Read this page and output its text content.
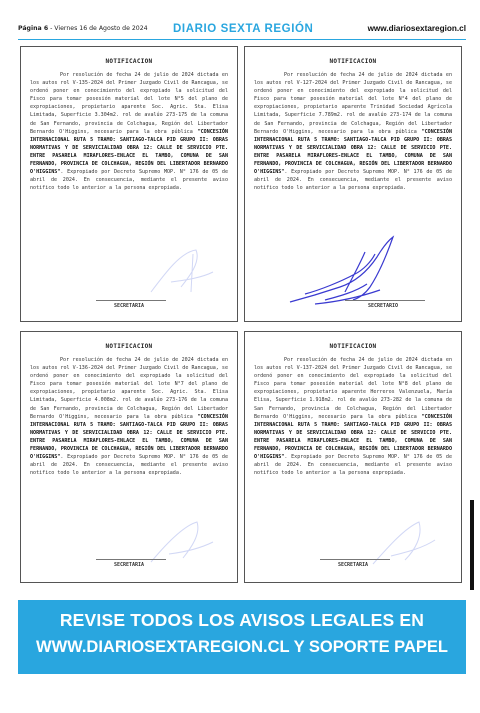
Página 6 - Viernes 16 de Agosto de 2024 DIARIO SEXTA REGIÓN	www.diariosextaregion.cl
NOTIFICACION
Por resolución de fecha 24 de julio de 2024 dictada en los autos rol V-135-2024 del Primer Juzgado Civil de Rancagua, se ordenó poner en conocimiento del expropiado la solicitud del Fisco para tomar posesión material del lote N°5 del plano de expropiaciones, propietario aparente Soc. Agric. Sta. Elisa Limitada, Superficie 3.304m2. rol de avalúo 273-175 de la comuna de San Fernando, provincia de Colchagua, Región del Libertador Bernardo O'Higgins, necesario para la obra pública "CONCESIÓN INTERNACIONAL RUTA 5 TRAMO: SANTIAGO-TALCA PID GRUPO II: OBRAS NORMATIVAS Y DE SERVICIALIDAD OBRA 12: CALLE DE SERVICIO PTE. ENTRE PASARELA MIRAFLORES-ENLACE EL TAMBO, COMUNA DE SAN FERNANDO, PROVINCIA DE COLCHAGUA, REGIÓN DEL LIBERTADOR BERNARDO O'HIGGINS". Expropiado por Decreto Supremo MOP. N° 176 de 05 de abril de 2024. En consecuencia, mediante el presente aviso notifico todo lo anterior a la persona expropiada.
SECRETARIA
NOTIFICACION
Por resolución de fecha 24 de julio de 2024 dictada en los autos rol V-127-2024 del Primer Juzgado Civil de Rancagua, se ordenó poner en conocimiento del expropiado la solicitud del Fisco para tomar posesión material del lote N°4 del plano de expropiaciones, propietario aparente Trinidad Sociedad Agrícola Limitada, Superficie 7.789m2. rol de avalúo 273-174 de la comuna de San Fernando, provincia de Colchagua, Región del Libertador Bernardo O'Higgins, necesario para la obra pública "CONCESIÓN INTERNACIONAL RUTA 5 TRAMO: SANTIAGO-TALCA PID GRUPO II: OBRAS NORMATIVAS Y DE SERVICIALIDAD OBRA 12: CALLE DE SERVICIO PTE. ENTRE PASARELA MIRAFLORES-ENLACE EL TAMBO, COMUNA DE SAN FERNANDO, PROVINCIA DE COLCHAGUA, REGIÓN DEL LIBERTADOR BERNARDO O'HIGGINS". Expropiado por Decreto Supremo MOP. N° 176 de 05 de abril de 2024. En consecuencia, mediante el presente aviso notifico todo lo anterior a la persona expropiada.
SECRETARIO
NOTIFICACION
Por resolución de fecha 24 de julio de 2024 dictada en los autos rol V-136-2024 del Primer Juzgado Civil de Rancagua, se ordenó poner en conocimiento del expropiado la solicitud del Fisco para tomar posesión material del lote N°7 del plano de expropiaciones, propietario aparente Soc. Agric. Sta. Elisa Limitada, Superficie 4.008m2. rol de avalúo 273-176 de la comuna de San Fernando, provincia de Colchagua, Región del Libertador Bernardo O'Higgins, necesario para la obra pública "CONCESIÓN INTERNACIONAL RUTA 5 TRAMO: SANTIAGO-TALCA PID GRUPO II: OBRAS NORMATIVAS Y DE SERVICIALIDAD OBRA 12: CALLE DE SERVICIO PTE. ENTRE PASARELA MIRAFLORES-ENLACE EL TAMBO, COMUNA DE SAN FERNANDO, PROVINCIA DE COLCHAGUA, REGIÓN DEL LIBERTADOR BERNARDO O'HIGGINS". Expropiado por Decreto Supremo MOP. N° 176 de 05 de abril de 2024. En consecuencia, mediante el presente aviso notifico todo lo anterior a la persona expropiada.
SECRETARIA
NOTIFICACION
Por resolución de fecha 24 de julio de 2024 dictada en los autos rol V-137-2024 del Primer Juzgado Civil de Rancagua, se ordenó poner en conocimiento del expropiado la solicitud del Fisco para tomar posesión material del lote N°8 del plano de expropiaciones, propietario aparente Herreros Valenzuela, María Elisa, Superficie 1.918m2. rol de avalúo 273-282 de la comuna de San Fernando, provincia de Colchagua, Región del Libertador Bernardo O'Higgins, necesario para la obra pública "CONCESIÓN INTERNACIONAL RUTA 5 TRAMO: SANTIAGO-TALCA PID GRUPO II: OBRAS NORMATIVAS Y DE SERVICIALIDAD OBRA 12: CALLE DE SERVICIO PTE. ENTRE PASARELA MIRAFLORES-ENLACE EL TAMBO, COMUNA DE SAN FERNANDO, PROVINCIA DE COLCHAGUA, REGIÓN DEL LIBERTADOR BERNARDO O'HIGGINS". Expropiado por Decreto Supremo MOP. N° 176 de 05 de abril de 2024. En consecuencia, mediante el presente aviso notifico todo lo anterior a la persona expropiada.
SECRETARIA
REVISE TODOS LOS AVISOS LEGALES EN
WWW.DIARIOSEXTAREGION.CL Y SOPORTE PAPEL
